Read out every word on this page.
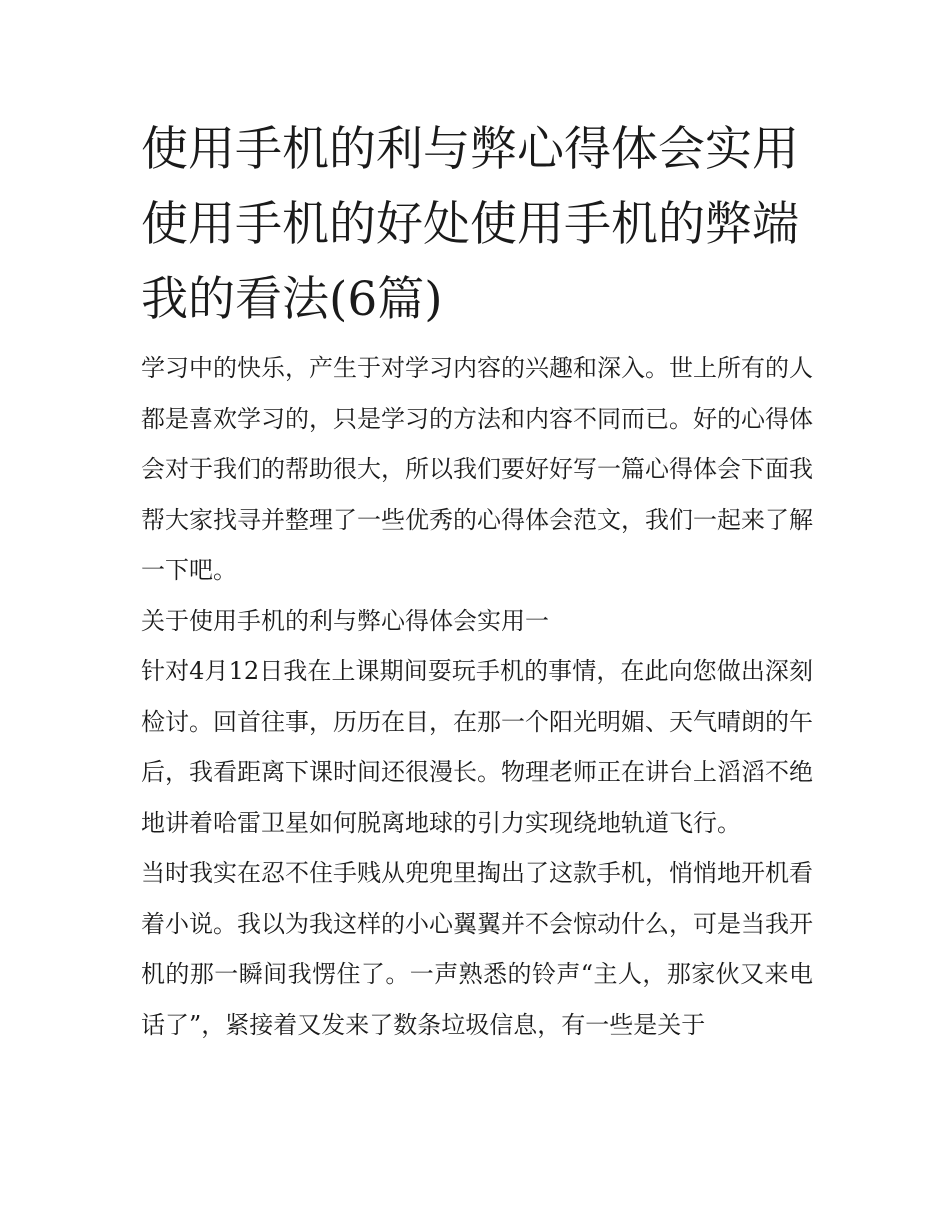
使用手机的利与弊心得体会实用 使用手机的好处使用手机的弊端我的看法(6篇)

学习中的快乐，产生于对学习内容的兴趣和深入。世上所有的人都是喜欢学习的，只是学习的方法和内容不同而已。好的心得体会对于我们的帮助很大，所以我们要好好写一篇心得体会下面我帮大家找寻并整理了一些优秀的心得体会范文，我们一起来了解一下吧。

关于使用手机的利与弊心得体会实用一

针对4月12日我在上课期间耍玩手机的事情，在此向您做出深刻检讨。回首往事，历历在目，在那一个阳光明媚、天气晴朗的午后，我看距离下课时间还很漫长。物理老师正在讲台上滔滔不绝地讲着哈雷卫星如何脱离地球的引力实现绕地轨道飞行。

当时我实在忍不住手贱从兜兜里掏出了这款手机，悄悄地开机看着小说。我以为我这样的小心翼翼并不会惊动什么，可是当我开机的那一瞬间我愣住了。一声熟悉的铃声“主人，那家伙又来电话了”，紧接着又发来了数条垃圾信息，有一些是关于
